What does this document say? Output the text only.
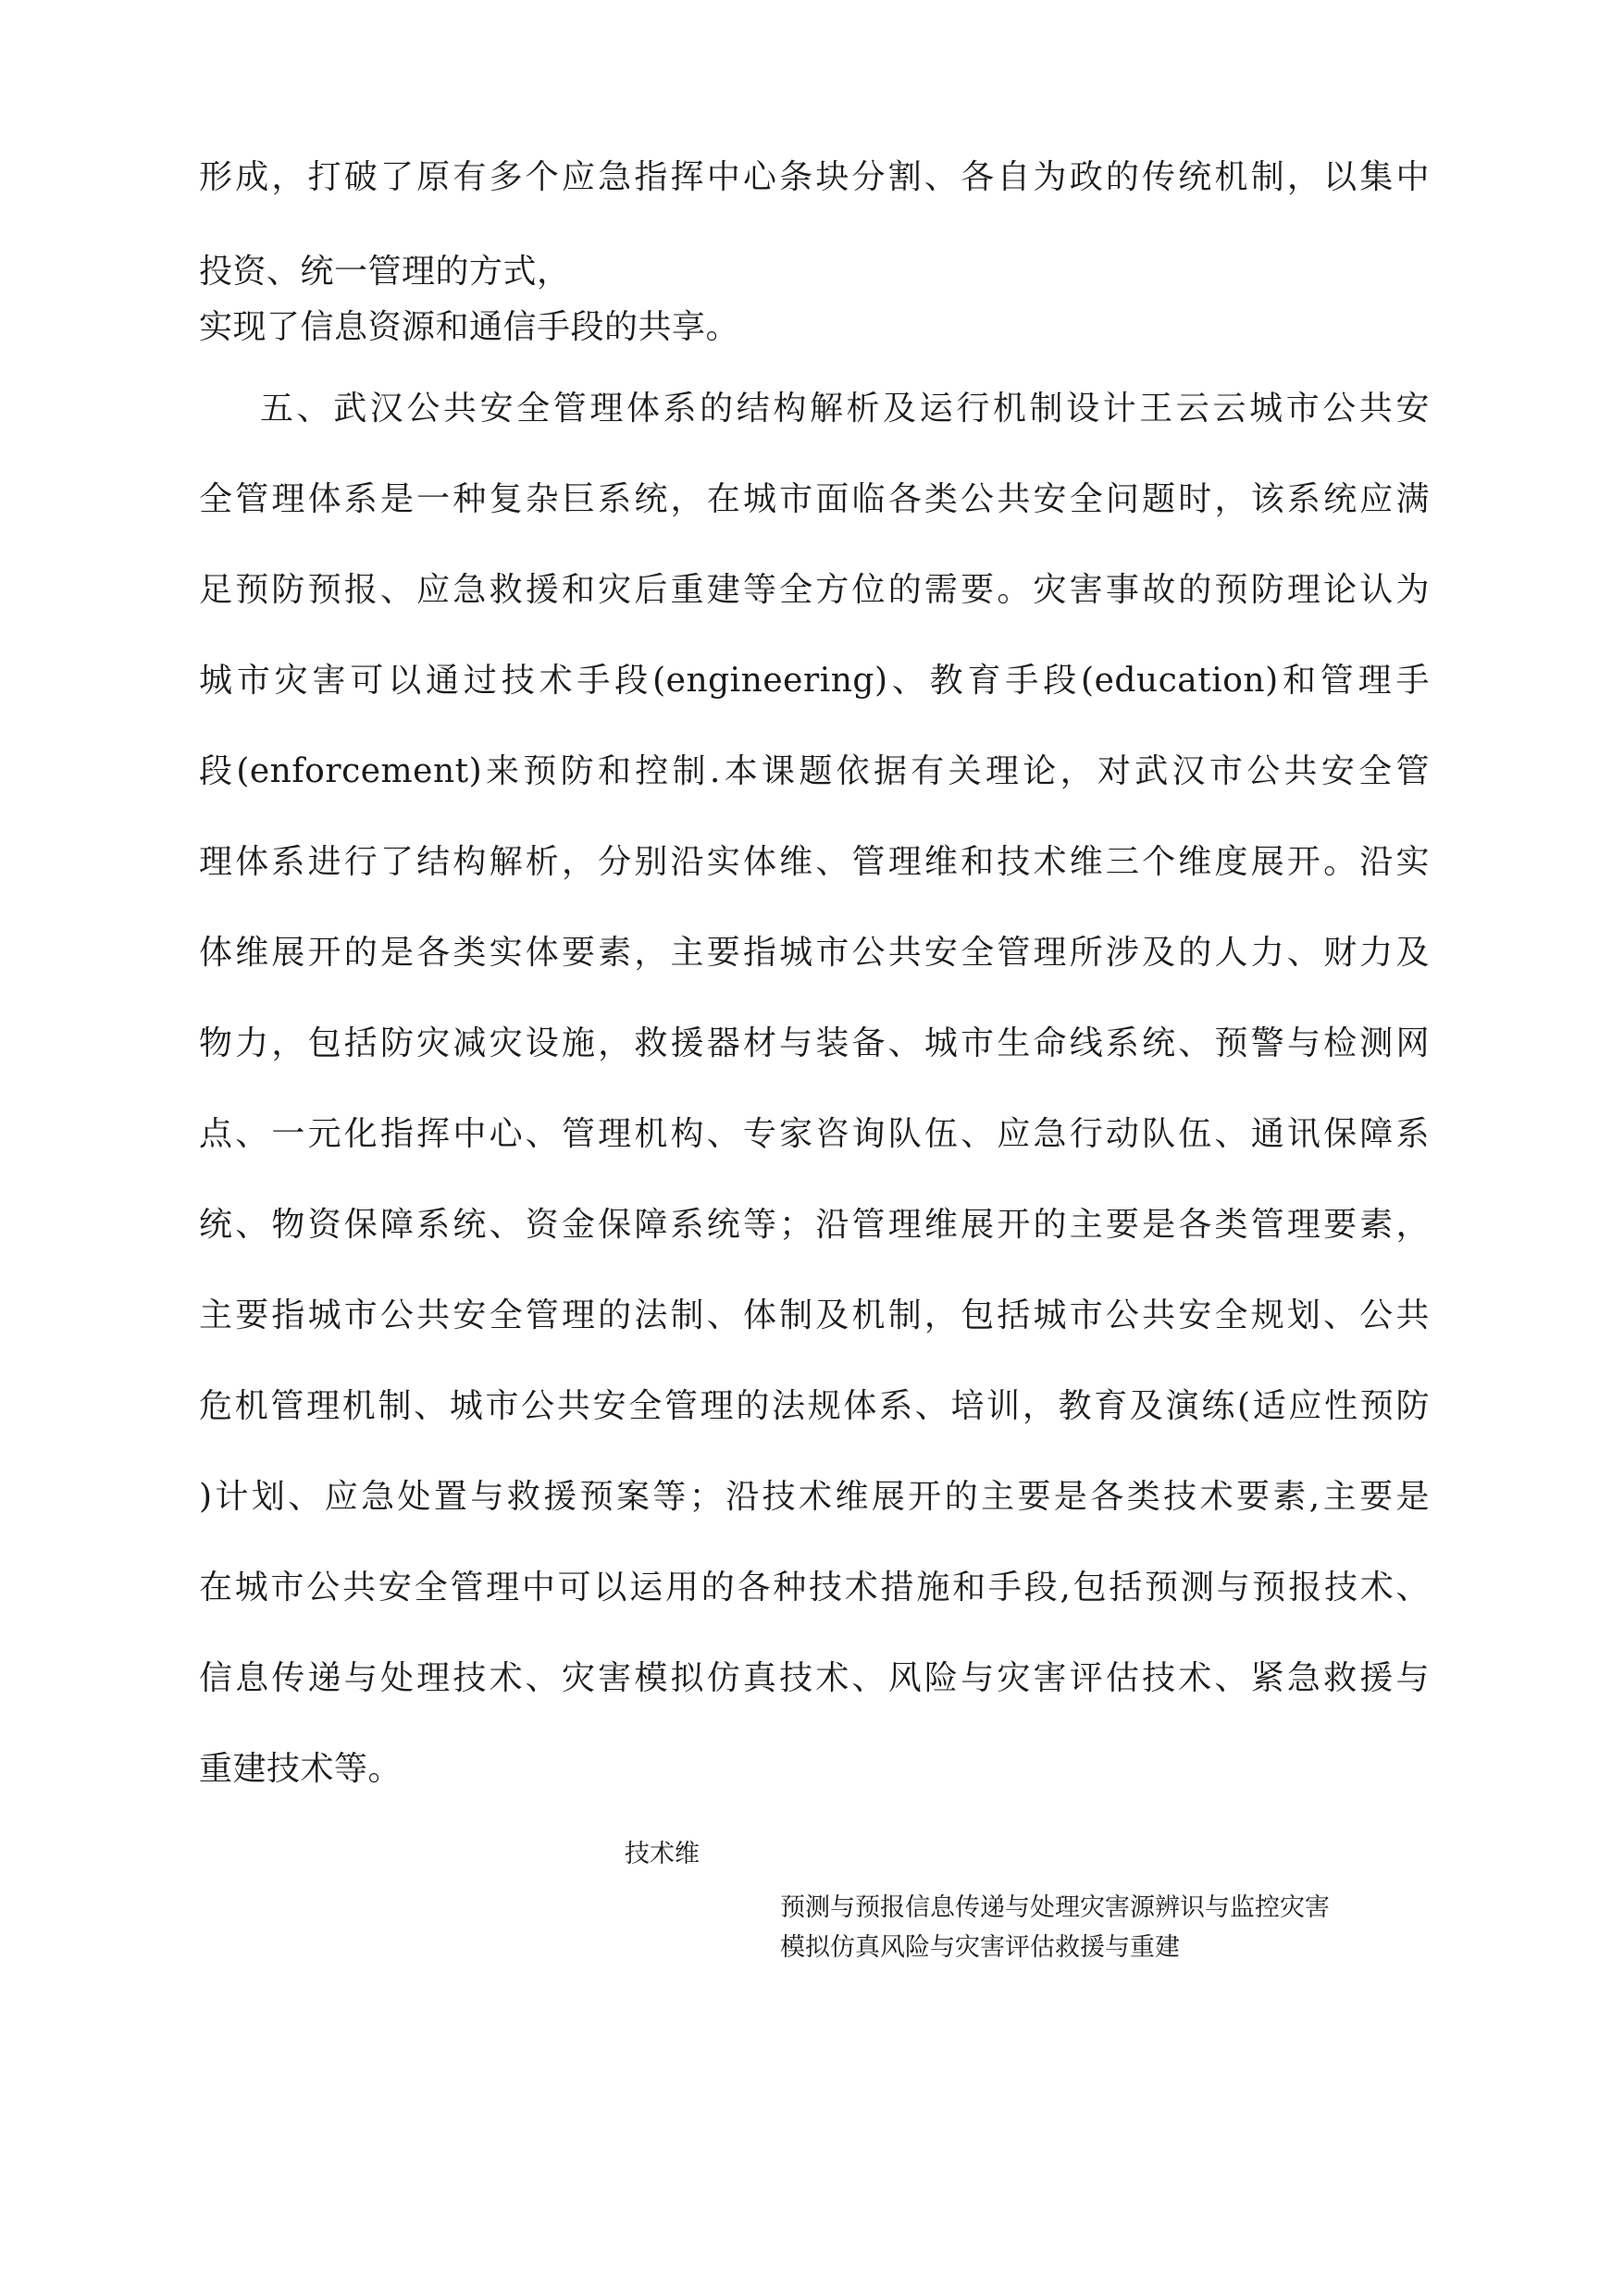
形成，打破了原有多个应急指挥中心条块分割、各自为政的传统机制，以集中
投资、统一管理的方式，
实现了信息资源和通信手段的共享。
五、武汉公共安全管理体系的结构解析及运行机制设计王云云城市公共安
全管理体系是一种复杂巨系统，在城市面临各类公共安全问题时，该系统应满
足预防预报、应急救援和灾后重建等全方位的需要。灾害事故的预防理论认为
城市灾害可以通过技术手段(engineering)、教育手段(education)和管理手
段(enforcement)来预防和控制.本课题依据有关理论，对武汉市公共安全管
理体系进行了结构解析，分别沿实体维、管理维和技术维三个维度展开。沿实
体维展开的是各类实体要素，主要指城市公共安全管理所涉及的人力、财力及
物力，包括防灾减灾设施，救援器材与装备、城市生命线系统、预警与检测网
点、一元化指挥中心、管理机构、专家咨询队伍、应急行动队伍、通讯保障系
统、物资保障系统、资金保障系统等；沿管理维展开的主要是各类管理要素，
主要指城市公共安全管理的法制、体制及机制，包括城市公共安全规划、公共
危机管理机制、城市公共安全管理的法规体系、培训，教育及演练(适应性预防
)计划、应急处置与救援预案等；沿技术维展开的主要是各类技术要素,主要是
在城市公共安全管理中可以运用的各种技术措施和手段,包括预测与预报技术、
信息传递与处理技术、灾害模拟仿真技术、风险与灾害评估技术、紧急救援与
重建技术等。
技术维
预测与预报信息传递与处理灾害源辨识与监控灾害
模拟仿真风险与灾害评估救援与重建
